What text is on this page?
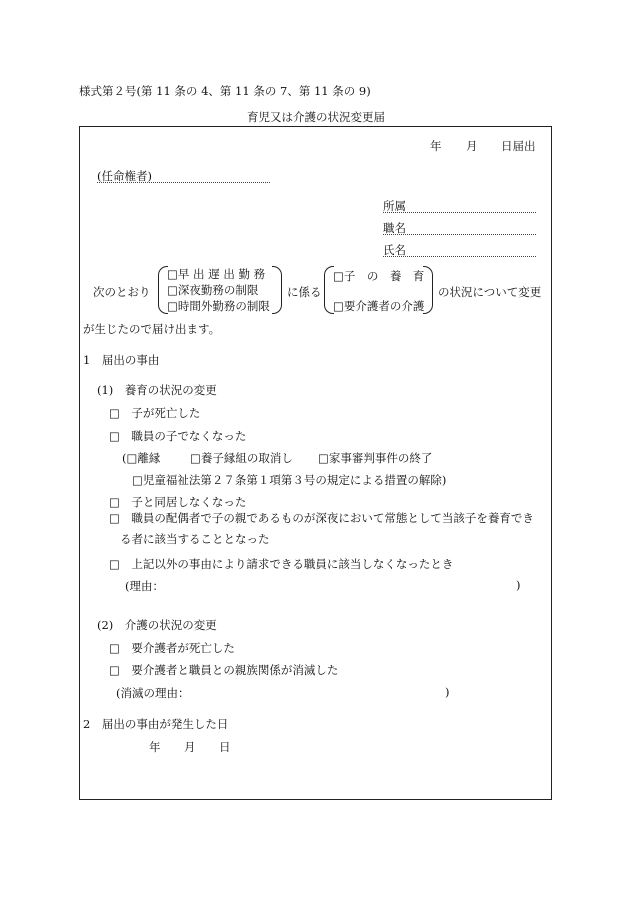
様式第２号(第 11 条の 4、第 11 条の 7、第 11 条の 9)
育児又は介護の状況変更届
年 月 日届出
(任命権者)
所属
職名
氏名
次のとおり
□早 出 遅 出 勤 務
□深夜勤務の制限
□時間外勤務の制限
に係る
□子　の　養　育
□要介護者の介護
の状況について変更
が生じたので届け出ます。
1　届出の事由
(1)　養育の状況の変更
□　 子が死亡した
□　 職員の子でなくなった
(□離縁	□養子縁組の取消し □家事審判事件の終了
□児童福祉法第２７条第１項第３号の規定による措置の解除)
□　 子と同居しなくなった
□　 職員の配偶者で子の親であるものが深夜において常態として当該子を養育でき
る者に該当することとなった
□　 上記以外の事由により請求できる職員に該当しなくなったとき
(理由：	)
(2)　介護の状況の変更
□　 要介護者が死亡した
□　 要介護者と職員との親族関係が消滅した
(消滅の理由：	)
2　届出の事由が発生した日
年 月 日
